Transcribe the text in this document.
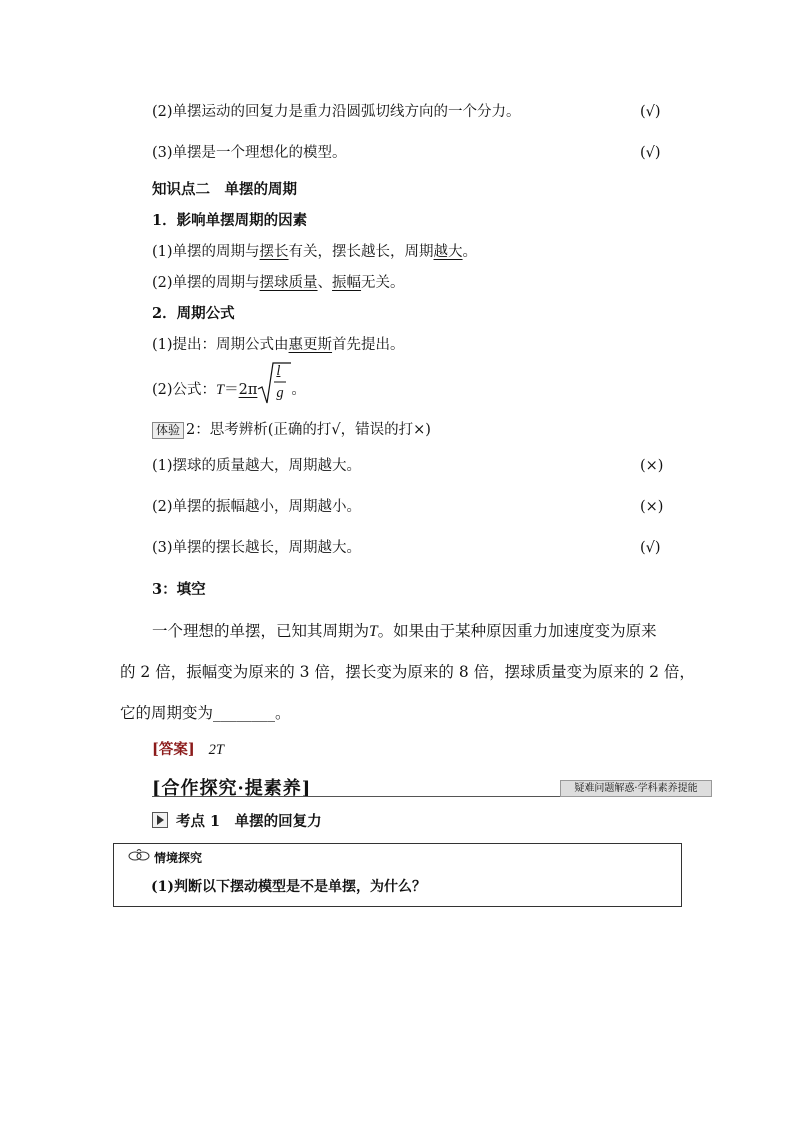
(2)单摆运动的回复力是重力沿圆弧切线方向的一个分力。	(√)
(3)单摆是一个理想化的模型。	(√)
知识点二　单摆的周期
1．影响单摆周期的因素
(1)单摆的周期与摆长有关，摆长越长，周期越大。
(2)单摆的周期与摆球质量、振幅无关。
2．周期公式
(1)提出：周期公式由惠更斯首先提出。
(2)公式：$T=2\pi \frac{l}{g}$ 。
体验 2：思考辨析(正确的打√，错误的打×)
(1)摆球的质量越大，周期越大。	(×)
(2)单摆的振幅越小，周期越小。	(×)
(3)单摆的摆长越长，周期越大。	(√)
3：填空
一个理想的单摆，已知其周期为T。如果由于某种原因重力加速度变为原来
的 2 倍，振幅变为原来的 3 倍，摆长变为原来的 8 倍，摆球质量变为原来的 2 倍，
它的周期变为________。
[答案] 2T
[合作探究·提素养]	疑难问题解惑·学科素养提能
考点 1　单摆的回复力
情境探究
(1)判断以下摆动模型是不是单摆，为什么？
